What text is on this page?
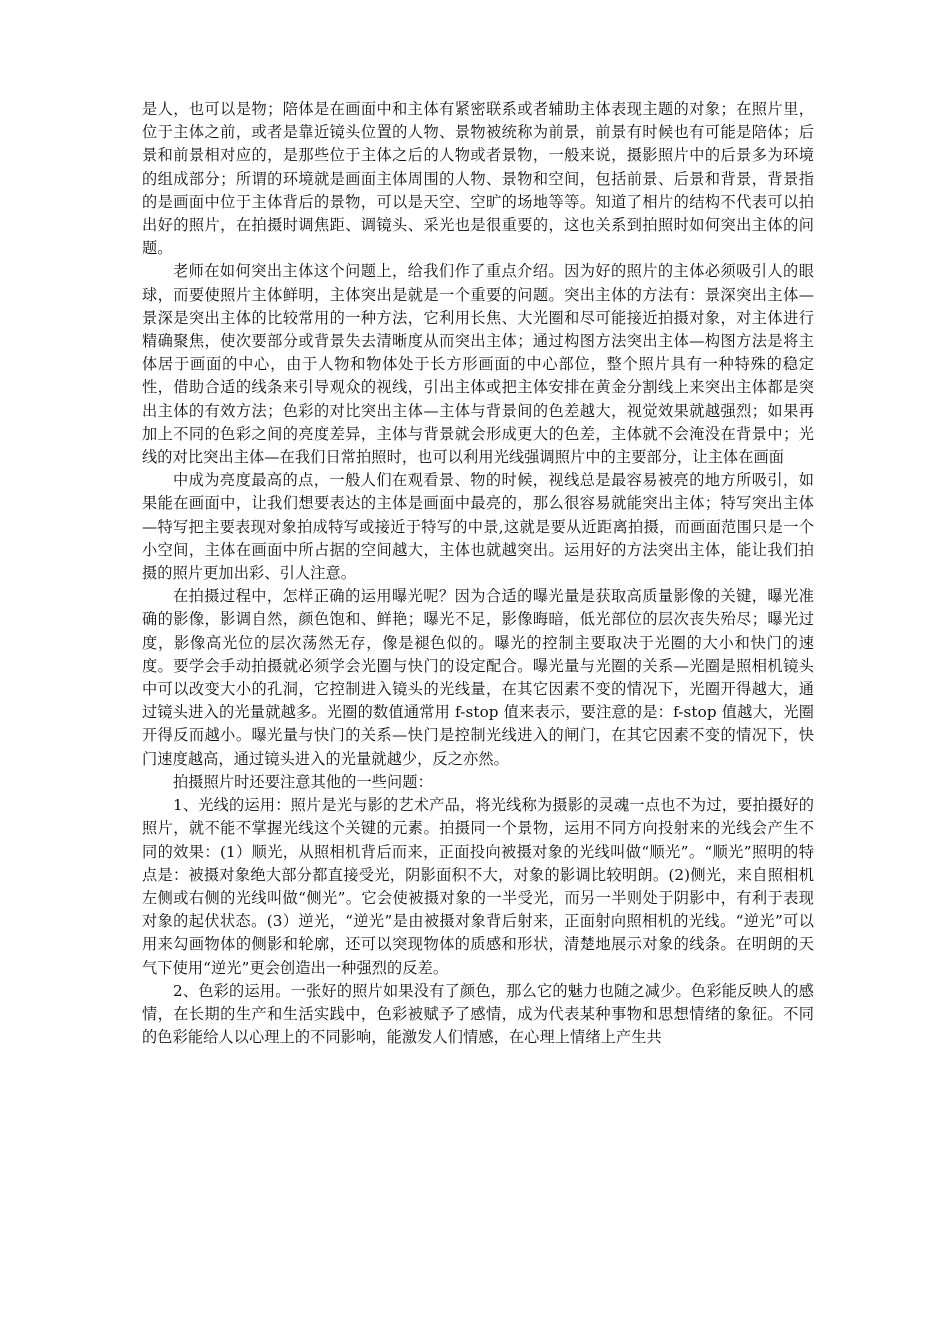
是人，也可以是物；陪体是在画面中和主体有紧密联系或者辅助主体表现主题的对象；在照片里，位于主体之前，或者是靠近镜头位置的人物、景物被统称为前景，前景有时候也有可能是陪体；后景和前景相对应的，是那些位于主体之后的人物或者景物，一般来说，摄影照片中的后景多为环境的组成部分；所谓的环境就是画面主体周围的人物、景物和空间，包括前景、后景和背景，背景指的是画面中位于主体背后的景物，可以是天空、空旷的场地等等。知道了相片的结构不代表可以拍出好的照片，在拍摄时调焦距、调镜头、采光也是很重要的，这也关系到拍照时如何突出主体的问题。

老师在如何突出主体这个问题上，给我们作了重点介绍。因为好的照片的主体必须吸引人的眼球，而要使照片主体鲜明，主体突出是就是一个重要的问题。突出主体的方法有：景深突出主体—景深是突出主体的比较常用的一种方法，它利用长焦、大光圈和尽可能接近拍摄对象，对主体进行精确聚焦，使次要部分或背景失去清晰度从而突出主体；通过构图方法突出主体—构图方法是将主体居于画面的中心，由于人物和物体处于长方形画面的中心部位，整个照片具有一种特殊的稳定性，借助合适的线条来引导观众的视线，引出主体或把主体安排在黄金分割线上来突出主体都是突出主体的有效方法；色彩的对比突出主体—主体与背景间的色差越大，视觉效果就越强烈；如果再加上不同的色彩之间的亮度差异，主体与背景就会形成更大的色差，主体就不会淹没在背景中；光线的对比突出主体—在我们日常拍照时，也可以利用光线强调照片中的主要部分，让主体在画面

中成为亮度最高的点，一般人们在观看景、物的时候，视线总是最容易被亮的地方所吸引，如果能在画面中，让我们想要表达的主体是画面中最亮的，那么很容易就能突出主体；特写突出主体—特写把主要表现对象拍成特写或接近于特写的中景,这就是要从近距离拍摄，而画面范围只是一个小空间，主体在画面中所占据的空间越大，主体也就越突出。运用好的方法突出主体，能让我们拍摄的照片更加出彩、引人注意。

在拍摄过程中，怎样正确的运用曝光呢？因为合适的曝光量是获取高质量影像的关键，曝光准确的影像，影调自然，颜色饱和、鲜艳；曝光不足，影像晦暗，低光部位的层次丧失殆尽；曝光过度，影像高光位的层次荡然无存，像是褪色似的。曝光的控制主要取决于光圈的大小和快门的速度。要学会手动拍摄就必须学会光圈与快门的设定配合。曝光量与光圈的关系—光圈是照相机镜头中可以改变大小的孔洞，它控制进入镜头的光线量，在其它因素不变的情况下，光圈开得越大，通过镜头进入的光量就越多。光圈的数值通常用 f-stop 值来表示，要注意的是：f-stop 值越大，光圈开得反而越小。曝光量与快门的关系—快门是控制光线进入的闸门，在其它因素不变的情况下，快门速度越高，通过镜头进入的光量就越少，反之亦然。

拍摄照片时还要注意其他的一些问题：

1、光线的运用：照片是光与影的艺术产品，将光线称为摄影的灵魂一点也不为过，要拍摄好的照片，就不能不掌握光线这个关键的元素。拍摄同一个景物，运用不同方向投射来的光线会产生不同的效果：(1）顺光，从照相机背后而来，正面投向被摄对象的光线叫做“顺光”。“顺光”照明的特点是：被摄对象绝大部分都直接受光，阴影面积不大，对象的影调比较明朗。(2)侧光，来自照相机左侧或右侧的光线叫做“侧光”。它会使被摄对象的一半受光，而另一半则处于阴影中，有利于表现对象的起伏状态。(3）逆光，“逆光”是由被摄对象背后射来，正面射向照相机的光线。“逆光”可以用来勾画物体的侧影和轮廓，还可以突现物体的质感和形状，清楚地展示对象的线条。在明朗的天气下使用“逆光”更会创造出一种强烈的反差。

2、色彩的运用。一张好的照片如果没有了颜色，那么它的魅力也随之减少。色彩能反映人的感情，在长期的生产和生活实践中，色彩被赋予了感情，成为代表某种事物和思想情绪的象征。不同的色彩能给人以心理上的不同影响，能激发人们情感，在心理上情绪上产生共
